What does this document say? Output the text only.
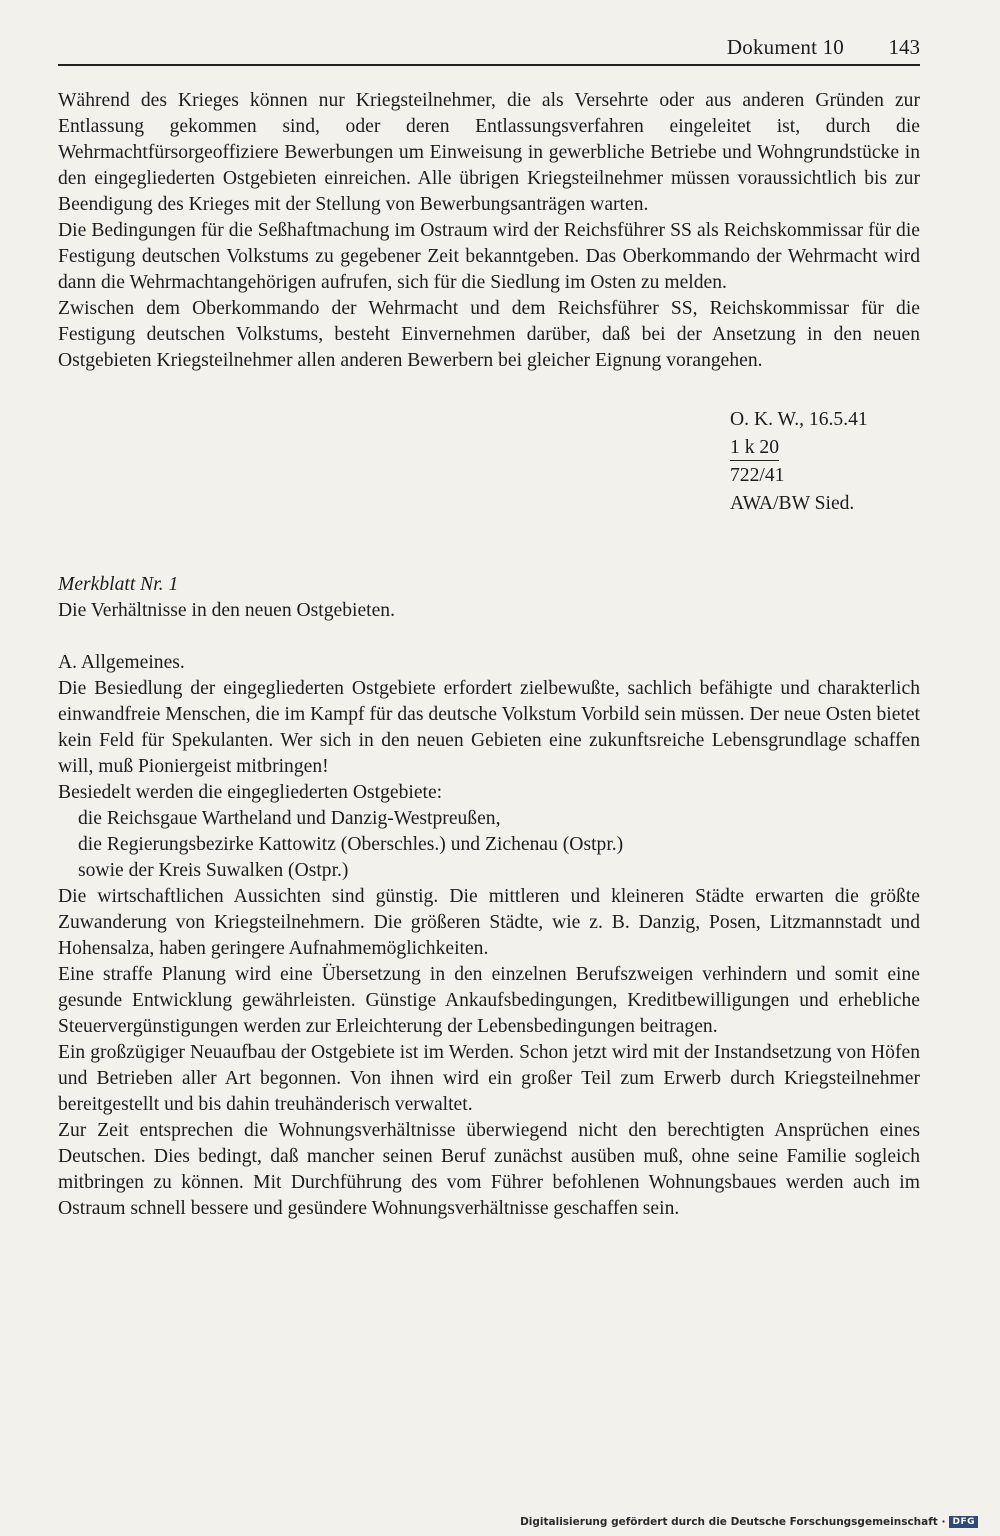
Dokument 10 143

Während des Krieges können nur Kriegsteilnehmer, die als Versehrte oder aus anderen Gründen zur Entlassung gekommen sind, oder deren Entlassungsverfahren eingeleitet ist, durch die Wehrmachtfürsorgeoffiziere Bewerbungen um Einweisung in gewerbliche Betriebe und Wohngrundstücke in den eingegliederten Ostgebieten einreichen. Alle übrigen Kriegsteilnehmer müssen voraussichtlich bis zur Beendigung des Krieges mit der Stellung von Bewerbungsanträgen warten.

Die Bedingungen für die Seßhaftmachung im Ostraum wird der Reichsführer SS als Reichskommissar für die Festigung deutschen Volkstums zu gegebener Zeit bekanntgeben. Das Oberkommando der Wehrmacht wird dann die Wehrmachtangehörigen aufrufen, sich für die Siedlung im Osten zu melden.

Zwischen dem Oberkommando der Wehrmacht und dem Reichsführer SS, Reichskommissar für die Festigung deutschen Volkstums, besteht Einvernehmen darüber, daß bei der Ansetzung in den neuen Ostgebieten Kriegsteilnehmer allen anderen Bewerbern bei gleicher Eignung vorangehen.

O. K. W., 16.5.41
1 k 20
722/41
AWA/BW Sied.

Merkblatt Nr. 1

Die Verhältnisse in den neuen Ostgebieten.

A. Allgemeines.

Die Besiedlung der eingegliederten Ostgebiete erfordert zielbewußte, sachlich befähigte und charakterlich einwandfreie Menschen, die im Kampf für das deutsche Volkstum Vorbild sein müssen. Der neue Osten bietet kein Feld für Spekulanten. Wer sich in den neuen Gebieten eine zukunftsreiche Lebensgrundlage schaffen will, muß Pioniergeist mitbringen!

Besiedelt werden die eingegliederten Ostgebiete:

die Reichsgaue Wartheland und Danzig-Westpreußen,

die Regierungsbezirke Kattowitz (Oberschles.) und Zichenau (Ostpr.)

sowie der Kreis Suwalken (Ostpr.)

Die wirtschaftlichen Aussichten sind günstig. Die mittleren und kleineren Städte erwarten die größte Zuwanderung von Kriegsteilnehmern. Die größeren Städte, wie z. B. Danzig, Posen, Litzmannstadt und Hohensalza, haben geringere Aufnahmemöglichkeiten.

Eine straffe Planung wird eine Übersetzung in den einzelnen Berufszweigen verhindern und somit eine gesunde Entwicklung gewährleisten. Günstige Ankaufsbedingungen, Kreditbewilligungen und erhebliche Steuervergünstigungen werden zur Erleichterung der Lebensbedingungen beitragen.

Ein großzügiger Neuaufbau der Ostgebiete ist im Werden. Schon jetzt wird mit der Instandsetzung von Höfen und Betrieben aller Art begonnen. Von ihnen wird ein großer Teil zum Erwerb durch Kriegsteilnehmer bereitgestellt und bis dahin treuhänderisch verwaltet.

Zur Zeit entsprechen die Wohnungsverhältnisse überwiegend nicht den berechtigten Ansprüchen eines Deutschen. Dies bedingt, daß mancher seinen Beruf zunächst ausüben muß, ohne seine Familie sogleich mitbringen zu können. Mit Durchführung des vom Führer befohlenen Wohnungsbaues werden auch im Ostraum schnell bessere und gesündere Wohnungsverhältnisse geschaffen sein.

Digitalisierung gefördert durch die Deutsche Forschungsgemeinschaft · DFG
